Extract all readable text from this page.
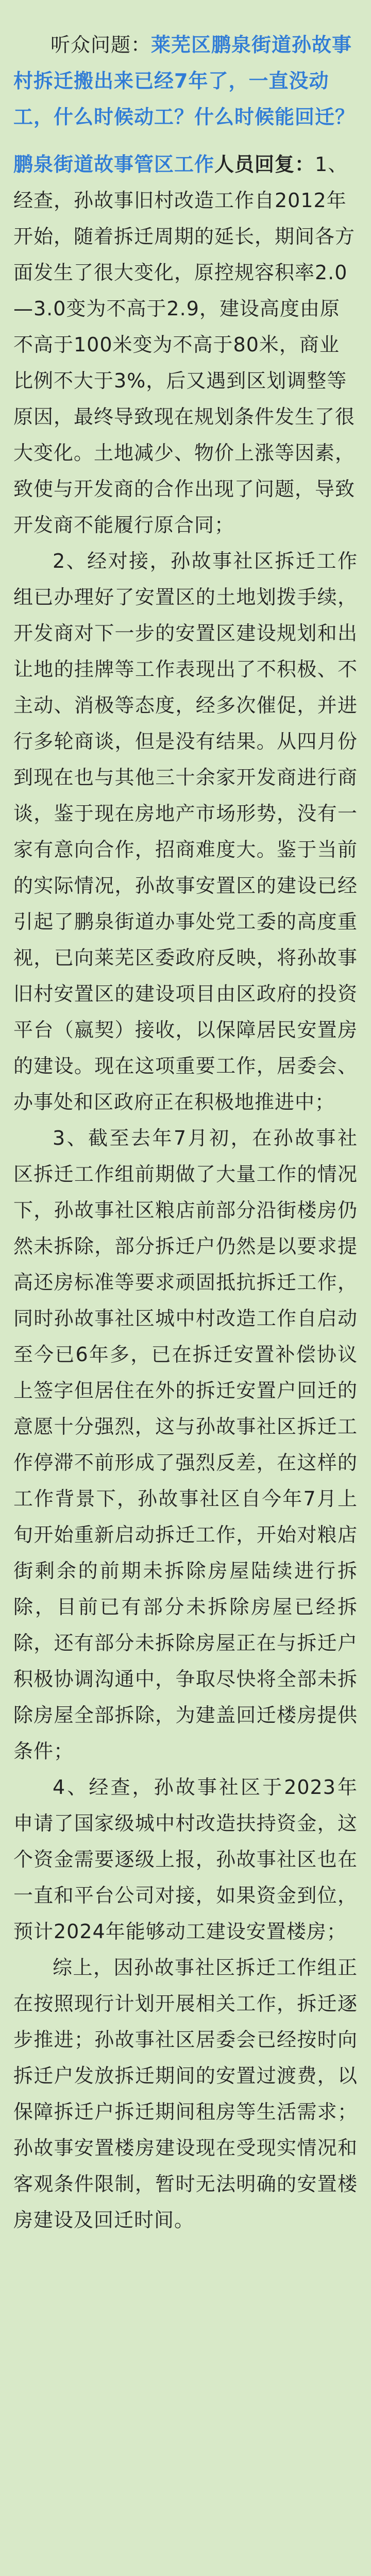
听众问题：莱芜区鹏泉街道孙故事村拆迁搬出来已经7年了，一直没动工，什么时候动工？什么时候能回迁？

鹏泉街道故事管区工作人员回复：1、经查，孙故事旧村改造工作自2012年开始，随着拆迁周期的延长，期间各方面发生了很大变化，原控规容积率2.0—3.0变为不高于2.9，建设高度由原不高于100米变为不高于80米，商业比例不大于3%，后又遇到区划调整等原因，最终导致现在规划条件发生了很大变化。土地减少、物价上涨等因素，致使与开发商的合作出现了问题，导致开发商不能履行原合同；

2、经对接，孙故事社区拆迁工作组已办理好了安置区的土地划拨手续，开发商对下一步的安置区建设规划和出让地的挂牌等工作表现出了不积极、不主动、消极等态度，经多次催促，并进行多轮商谈，但是没有结果。从四月份到现在也与其他三十余家开发商进行商谈，鉴于现在房地产市场形势，没有一家有意向合作，招商难度大。鉴于当前的实际情况，孙故事安置区的建设已经引起了鹏泉街道办事处党工委的高度重视，已向莱芜区委政府反映，将孙故事旧村安置区的建设项目由区政府的投资平台（嬴契）接收，以保障居民安置房的建设。现在这项重要工作，居委会、办事处和区政府正在积极地推进中；

3、截至去年7月初，在孙故事社区拆迁工作组前期做了大量工作的情况下，孙故事社区粮店前部分沿街楼房仍然未拆除，部分拆迁户仍然是以要求提高还房标准等要求顽固抵抗拆迁工作，同时孙故事社区城中村改造工作自启动至今已6年多，已在拆迁安置补偿协议上签字但居住在外的拆迁安置户回迁的意愿十分强烈，这与孙故事社区拆迁工作停滞不前形成了强烈反差，在这样的工作背景下，孙故事社区自今年7月上旬开始重新启动拆迁工作，开始对粮店街剩余的前期未拆除房屋陆续进行拆除，目前已有部分未拆除房屋已经拆除，还有部分未拆除房屋正在与拆迁户积极协调沟通中，争取尽快将全部未拆除房屋全部拆除，为建盖回迁楼房提供条件；

4、经查，孙故事社区于2023年申请了国家级城中村改造扶持资金，这个资金需要逐级上报，孙故事社区也在一直和平台公司对接，如果资金到位，预计2024年能够动工建设安置楼房；

综上，因孙故事社区拆迁工作组正在按照现行计划开展相关工作，拆迁逐步推进；孙故事社区居委会已经按时向拆迁户发放拆迁期间的安置过渡费，以保障拆迁户拆迁期间租房等生活需求；孙故事安置楼房建设现在受现实情况和客观条件限制，暂时无法明确的安置楼房建设及回迁时间。
